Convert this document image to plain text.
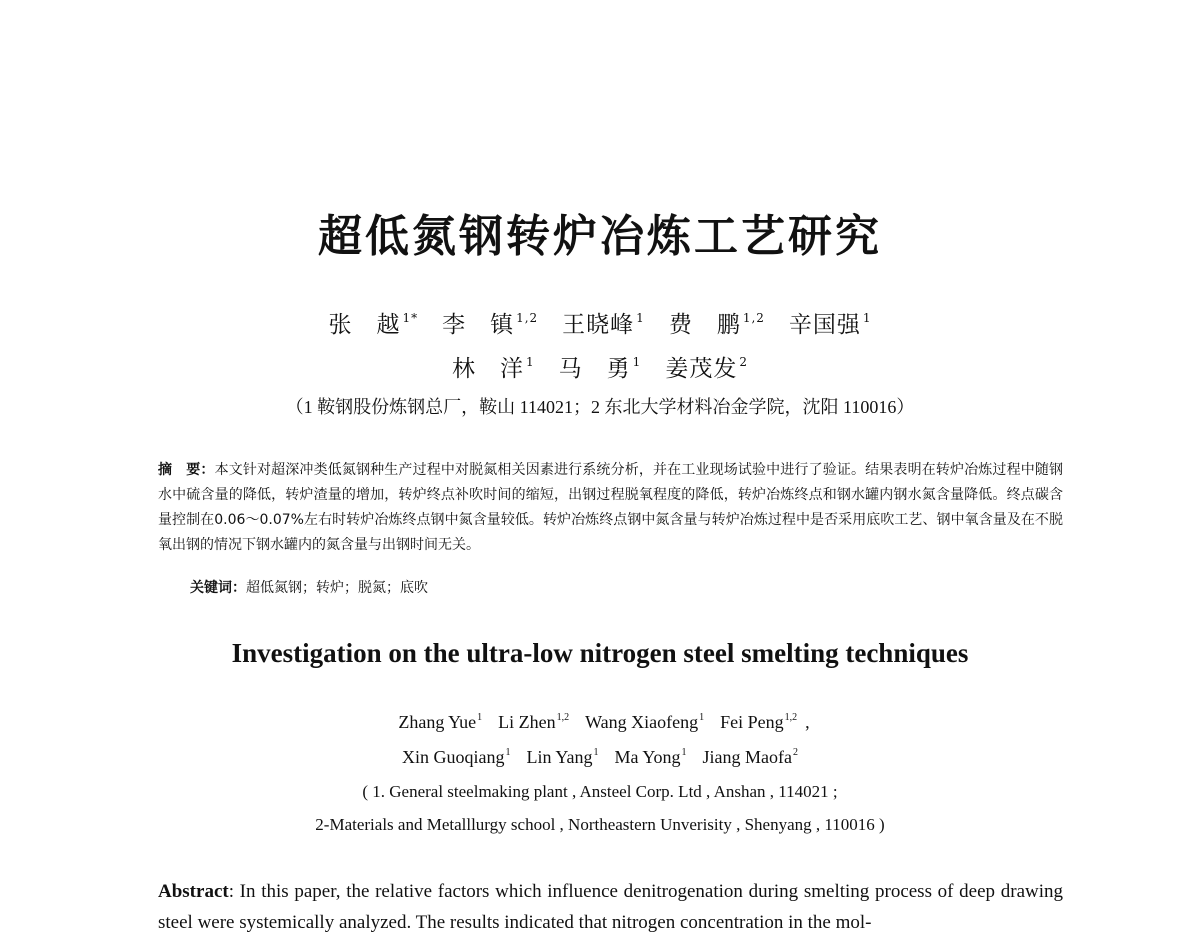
超低氮钢转炉冶炼工艺研究
张　越 $^{1*}$ 李　镇 $^{1,2}$ 王晓峰 $^1$ 费　鹏 $^{1,2}$ 辛国强 $^1$
林　洋 $^1$ 马　勇 $^1$ 姜茂发 $^2$
（1 鞍钢股份炼钢总厂，鞍山 114021；2 东北大学材料冶金学院，沈阳 110016）
摘　要：本文针对超深冲类低氮钢种生产过程中对脱氮相关因素进行系统分析，并在工业现场试验中进行了验证。结果表明在转炉冶炼过程中随钢水中硫含量的降低，转炉渣量的增加，转炉终点补吹时间的缩短，出钢过程脱氧程度的降低，转炉冶炼终点和钢水罐内钢水氮含量降低。终点碳含量控制在0.06～0.07%左右时转炉冶炼终点钢中氮含量较低。转炉冶炼终点钢中氮含量与转炉冶炼过程中是否采用底吹工艺、钢中氧含量及在不脱氧出钢的情况下钢水罐内的氮含量与出钢时间无关。
关键词：超低氮钢；转炉；脱氮；底吹
Investigation on the ultra-low nitrogen steel smelting techniques
Zhang Yue$^1$ Li Zhen$^{1,2}$ Wang Xiaofeng$^1$ Fei Peng$^{1,2}$ ,
Xin Guoqiang$^1$ Lin Yang$^1$ Ma Yong$^1$ Jiang Maofa$^2$
( 1. General steelmaking plant , Ansteel Corp. Ltd , Anshan , 114021 ;
2-Materials and Metalllurgy school , Northeastern Unverisity , Shenyang , 110016 )
Abstract: In this paper, the relative factors which influence denitrogenation during smelting process of deep drawing steel were systemically analyzed. The results indicated that nitrogen concentration in the mol-
